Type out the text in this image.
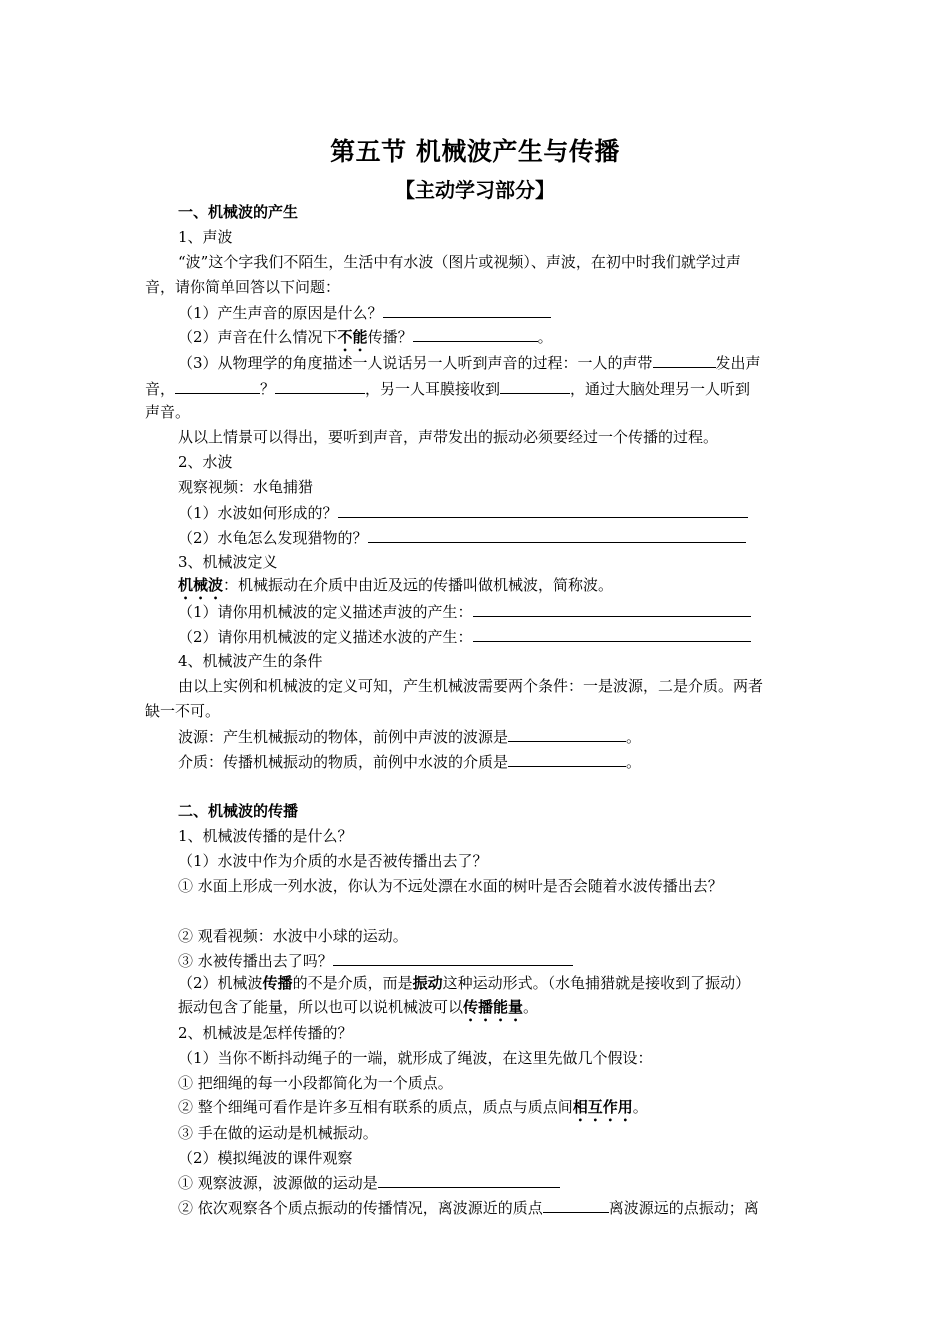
第五节 机械波产生与传播
【主动学习部分】
一、机械波的产生
1、声波
“波”这个字我们不陌生，生活中有水波（图片或视频）、声波，在初中时我们就学过声
音，请你简单回答以下问题：
（1）产生声音的原因是什么？
（2）声音在什么情况下不能传播？	。
（3）从物理学的角度描述一人说话另一人听到声音的过程：一人的声带	发出声
音，	？	，另一人耳膜接收到	，通过大脑处理另一人听到
声音。
从以上情景可以得出，要听到声音，声带发出的振动必须要经过一个传播的过程。
2、水波
观察视频：水龟捕猎
（1）水波如何形成的？
（2）水龟怎么发现猎物的？
3、机械波定义
机械波：机械振动在介质中由近及远的传播叫做机械波，简称波。
（1）请你用机械波的定义描述声波的产生：
（2）请你用机械波的定义描述水波的产生：
4、机械波产生的条件
由以上实例和机械波的定义可知，产生机械波需要两个条件：一是波源，二是介质。两者
缺一不可。
波源：产生机械振动的物体，前例中声波的波源是	。
介质：传播机械振动的物质，前例中水波的介质是	。
二、机械波的传播
1、机械波传播的是什么？
（1）水波中作为介质的水是否被传播出去了？
① 水面上形成一列水波，你认为不远处漂在水面的树叶是否会随着水波传播出去？
② 观看视频：水波中小球的运动。
③ 水被传播出去了吗？
（2）机械波传播的不是介质，而是振动这种运动形式。（水龟捕猎就是接收到了振动）
振动包含了能量，所以也可以说机械波可以传播能量。
2、机械波是怎样传播的？
（1）当你不断抖动绳子的一端，就形成了绳波，在这里先做几个假设：
① 把细绳的每一小段都简化为一个质点。
② 整个细绳可看作是许多互相有联系的质点，质点与质点间相互作用。
③ 手在做的运动是机械振动。
（2）模拟绳波的课件观察
① 观察波源，波源做的运动是
② 依次观察各个质点振动的传播情况，离波源近的质点	离波源远的点振动；离
